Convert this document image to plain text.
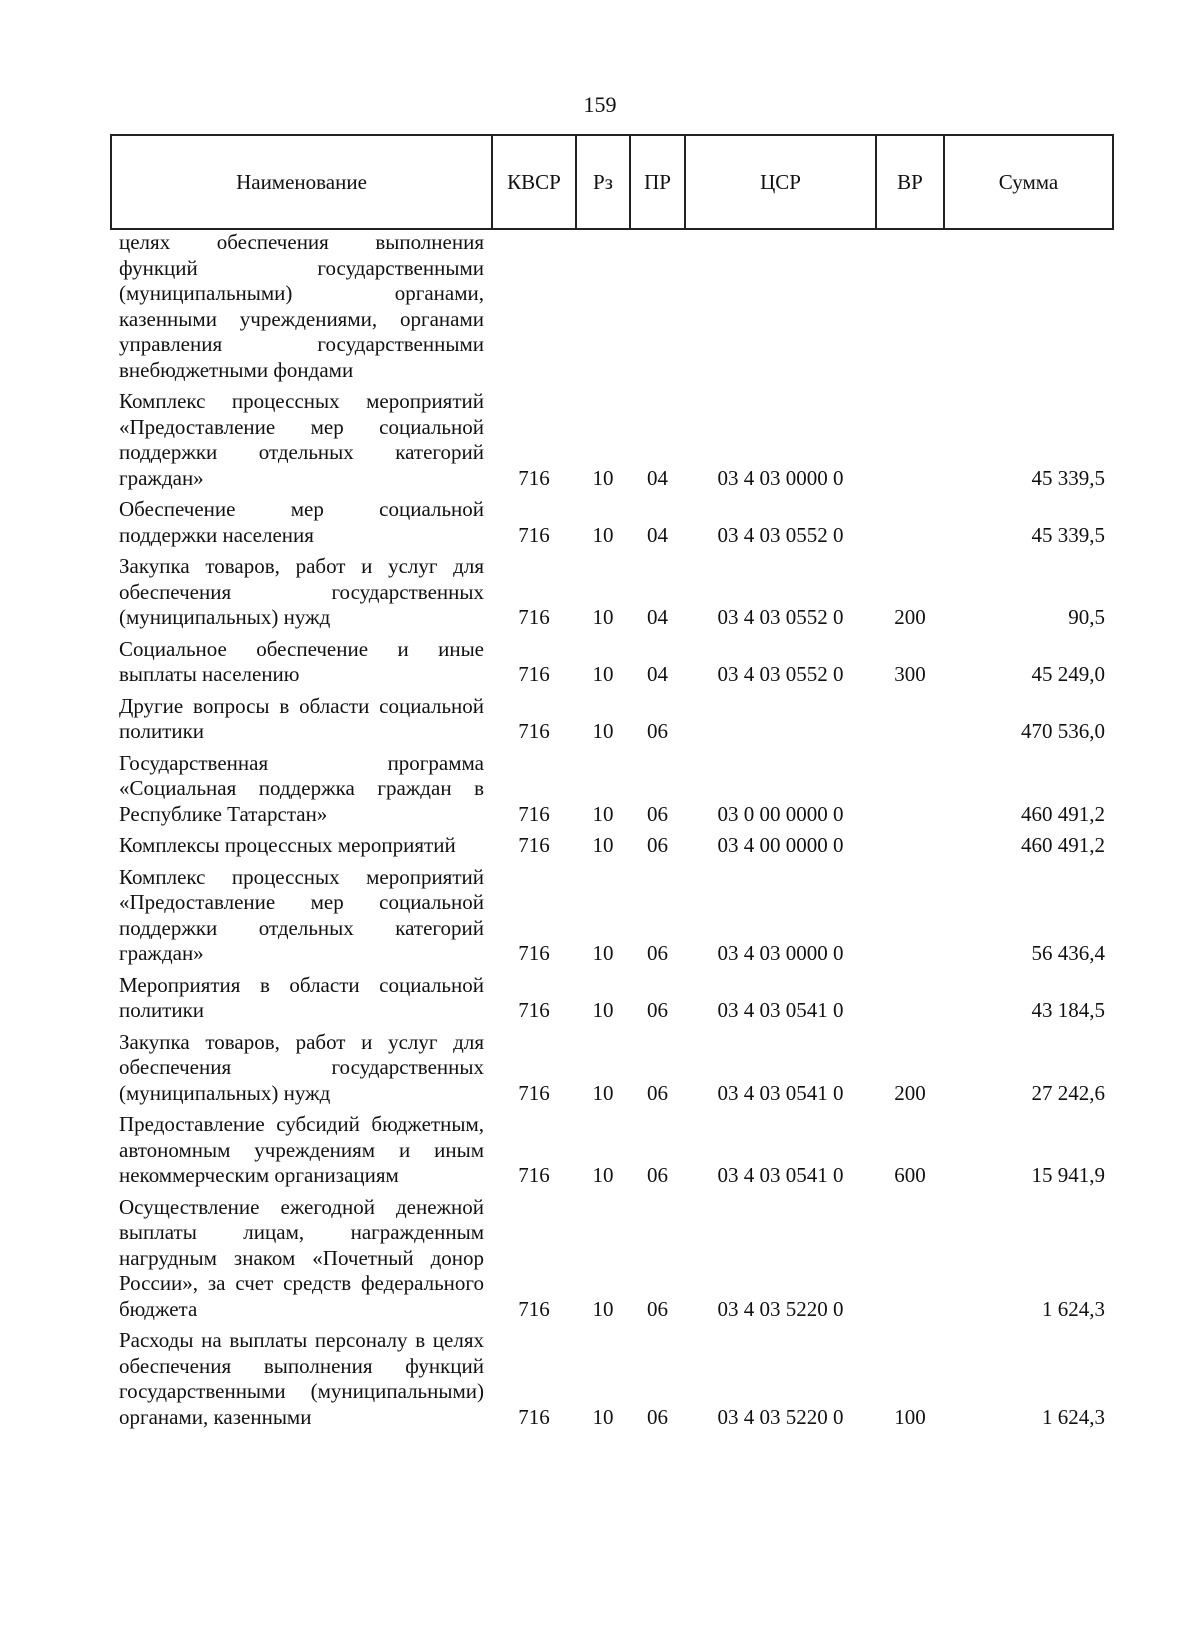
159
Наименование	КВСР	Рз	ПР	ЦСР	ВР	Сумма
целях обеспечения выполнения функций государственными (муниципальными) органами, казенными учреждениями, органами управления государственными внебюджетными фондами						
Комплекс процессных мероприятий «Предоставление мер социальной поддержки отдельных категорий граждан»	716	10	04	03 4 03 0000 0		45 339,5
Обеспечение мер социальной поддержки населения	716	10	04	03 4 03 0552 0		45 339,5
Закупка товаров, работ и услуг для обеспечения государственных (муниципальных) нужд	716	10	04	03 4 03 0552 0	200	90,5
Социальное обеспечение и иные выплаты населению	716	10	04	03 4 03 0552 0	300	45 249,0
Другие вопросы в области социальной политики	716	10	06			470 536,0
Государственная программа «Социальная поддержка граждан в Республике Татарстан»	716	10	06	03 0 00 0000 0		460 491,2
Комплексы процессных мероприятий	716	10	06	03 4 00 0000 0		460 491,2
Комплекс процессных мероприятий «Предоставление мер социальной поддержки отдельных категорий граждан»	716	10	06	03 4 03 0000 0		56 436,4
Мероприятия в области социальной политики	716	10	06	03 4 03 0541 0		43 184,5
Закупка товаров, работ и услуг для обеспечения государственных (муниципальных) нужд	716	10	06	03 4 03 0541 0	200	27 242,6
Предоставление субсидий бюджетным, автономным учреждениям и иным некоммерческим организациям	716	10	06	03 4 03 0541 0	600	15 941,9
Осуществление ежегодной денежной выплаты лицам, награжденным нагрудным знаком «Почетный донор России», за счет средств федерального бюджета	716	10	06	03 4 03 5220 0		1 624,3
Расходы на выплаты персоналу в целях обеспечения выполнения функций государственными (муниципальными) органами, казенными	716	10	06	03 4 03 5220 0	100	1 624,3
